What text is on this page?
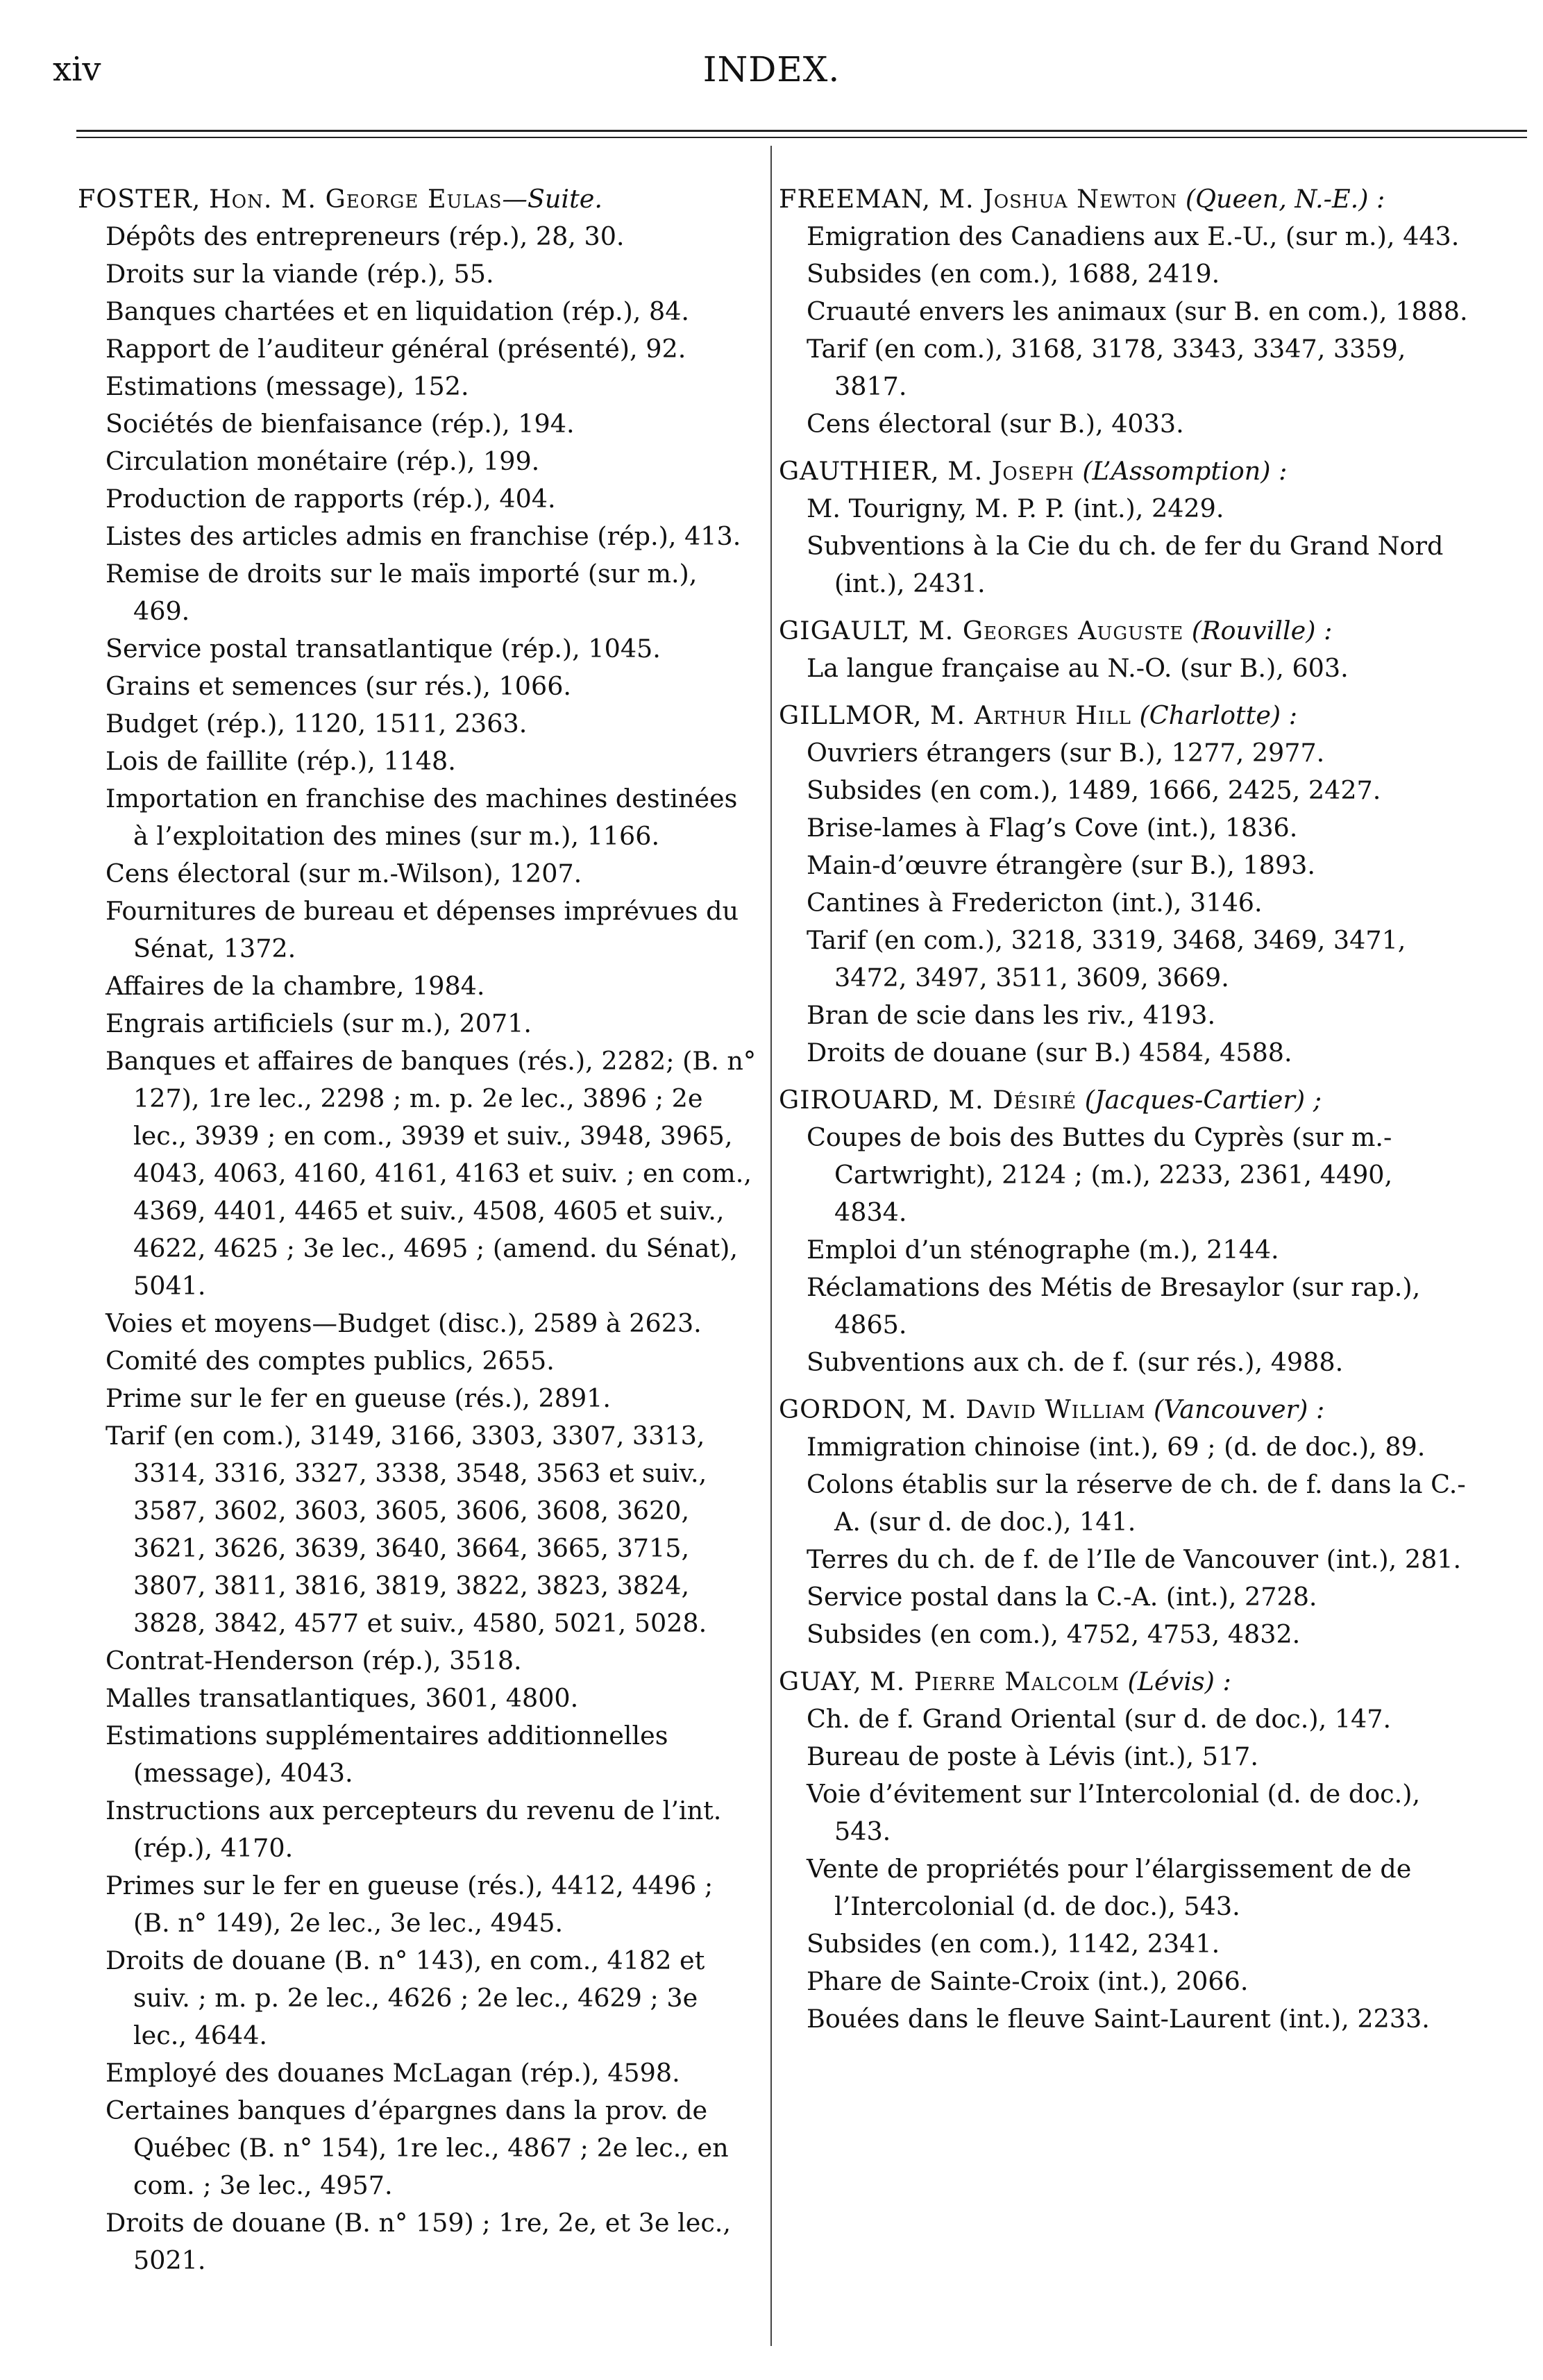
xiv	INDEX.
FOSTER, Hon. M. George Eulas—Suite.
Dépôts des entrepreneurs (rép.), 28, 30.
Droits sur la viande (rép.), 55.
Banques chartées et en liquidation (rép.), 84.
Rapport de l’auditeur général (présenté), 92.
Estimations (message), 152.
Sociétés de bienfaisance (rép.), 194.
Circulation monétaire (rép.), 199.
Production de rapports (rép.), 404.
Listes des articles admis en franchise (rép.), 413.
Remise de droits sur le maïs importé (sur m.), 469.
Service postal transatlantique (rép.), 1045.
Grains et semences (sur rés.), 1066.
Budget (rép.), 1120, 1511, 2363.
Lois de faillite (rép.), 1148.
Importation en franchise des machines destinées à l’exploitation des mines (sur m.), 1166.
Cens électoral (sur m.-Wilson), 1207.
Fournitures de bureau et dépenses imprévues du Sénat, 1372.
Affaires de la chambre, 1984.
Engrais artificiels (sur m.), 2071.
Banques et affaires de banques (rés.), 2282; (B. n° 127), 1re lec., 2298 ; m. p. 2e lec., 3896 ; 2e lec., 3939 ; en com., 3939 et suiv., 3948, 3965, 4043, 4063, 4160, 4161, 4163 et suiv. ; en com., 4369, 4401, 4465 et suiv., 4508, 4605 et suiv., 4622, 4625 ; 3e lec., 4695 ; (amend. du Sénat), 5041.
Voies et moyens—Budget (disc.), 2589 à 2623.
Comité des comptes publics, 2655.
Prime sur le fer en gueuse (rés.), 2891.
Tarif (en com.), 3149, 3166, 3303, 3307, 3313, 3314, 3316, 3327, 3338, 3548, 3563 et suiv., 3587, 3602, 3603, 3605, 3606, 3608, 3620, 3621, 3626, 3639, 3640, 3664, 3665, 3715, 3807, 3811, 3816, 3819, 3822, 3823, 3824, 3828, 3842, 4577 et suiv., 4580, 5021, 5028.
Contrat-Henderson (rép.), 3518.
Malles transatlantiques, 3601, 4800.
Estimations supplémentaires additionnelles (message), 4043.
Instructions aux percepteurs du revenu de l’int. (rép.), 4170.
Primes sur le fer en gueuse (rés.), 4412, 4496 ; (B. n° 149), 2e lec., 3e lec., 4945.
Droits de douane (B. n° 143), en com., 4182 et suiv. ; m. p. 2e lec., 4626 ; 2e lec., 4629 ; 3e lec., 4644.
Employé des douanes McLagan (rép.), 4598.
Certaines banques d’épargnes dans la prov. de Québec (B. n° 154), 1re lec., 4867 ; 2e lec., en com. ; 3e lec., 4957.
Droits de douane (B. n° 159) ; 1re, 2e, et 3e lec., 5021.
FREEMAN, M. Joshua Newton (Queen, N.-E.) :
Emigration des Canadiens aux E.-U., (sur m.), 443.
Subsides (en com.), 1688, 2419.
Cruauté envers les animaux (sur B. en com.), 1888.
Tarif (en com.), 3168, 3178, 3343, 3347, 3359, 3817.
Cens électoral (sur B.), 4033.
GAUTHIER, M. Joseph (L’Assomption) :
M. Tourigny, M. P. P. (int.), 2429.
Subventions à la Cie du ch. de fer du Grand Nord (int.), 2431.
GIGAULT, M. Georges Auguste (Rouville) :
La langue française au N.-O. (sur B.), 603.
GILLMOR, M. Arthur Hill (Charlotte) :
Ouvriers étrangers (sur B.), 1277, 2977.
Subsides (en com.), 1489, 1666, 2425, 2427.
Brise-lames à Flag’s Cove (int.), 1836.
Main-d’œuvre étrangère (sur B.), 1893.
Cantines à Fredericton (int.), 3146.
Tarif (en com.), 3218, 3319, 3468, 3469, 3471, 3472, 3497, 3511, 3609, 3669.
Bran de scie dans les riv., 4193.
Droits de douane (sur B.) 4584, 4588.
GIROUARD, M. Désiré (Jacques-Cartier) ;
Coupes de bois des Buttes du Cyprès (sur m.-Cartwright), 2124 ; (m.), 2233, 2361, 4490, 4834.
Emploi d’un sténographe (m.), 2144.
Réclamations des Métis de Bresaylor (sur rap.), 4865.
Subventions aux ch. de f. (sur rés.), 4988.
GORDON, M. David William (Vancouver) :
Immigration chinoise (int.), 69 ; (d. de doc.), 89.
Colons établis sur la réserve de ch. de f. dans la C.-A. (sur d. de doc.), 141.
Terres du ch. de f. de l’Ile de Vancouver (int.), 281.
Service postal dans la C.-A. (int.), 2728.
Subsides (en com.), 4752, 4753, 4832.
GUAY, M. Pierre Malcolm (Lévis) :
Ch. de f. Grand Oriental (sur d. de doc.), 147.
Bureau de poste à Lévis (int.), 517.
Voie d’évitement sur l’Intercolonial (d. de doc.), 543.
Vente de propriétés pour l’élargissement de de l’Intercolonial (d. de doc.), 543.
Subsides (en com.), 1142, 2341.
Phare de Sainte-Croix (int.), 2066.
Bouées dans le fleuve Saint-Laurent (int.), 2233.
